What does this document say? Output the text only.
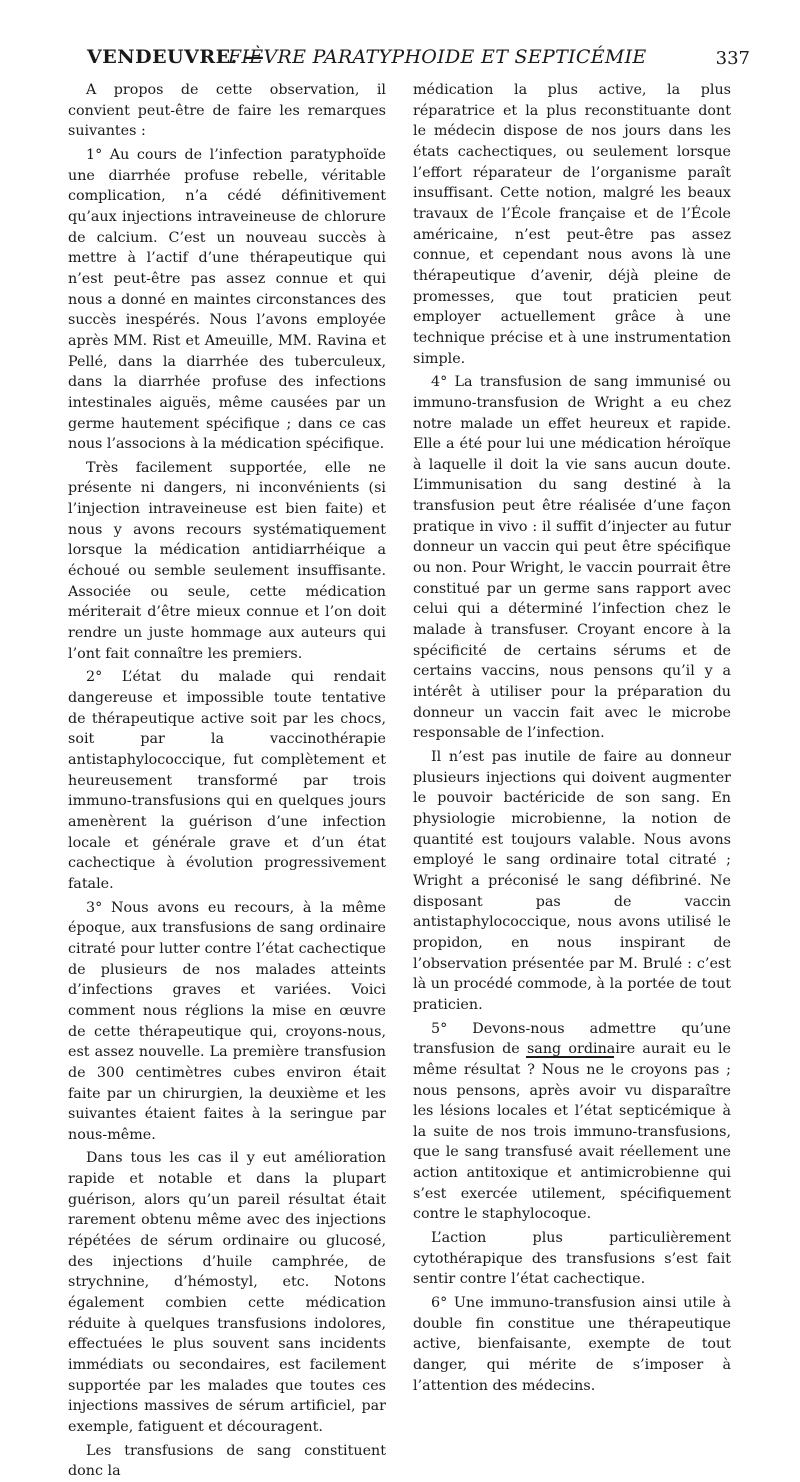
VENDEUVRE. —
FIÈVRE PARATYPHOIDE ET SEPTICÉMIE	337

A propos de cette observation, il convient peut-être de faire les remarques suivantes :

1° Au cours de l’infection paratyphoïde une diarrhée profuse rebelle, véritable complication, n’a cédé définitivement qu’aux injections intraveineuse de chlorure de calcium. C’est un nouveau succès à mettre à l’actif d’une thérapeutique qui n’est peut-être pas assez connue et qui nous a donné en maintes circonstances des succès inespérés. Nous l’avons employée après MM. Rist et Ameuille, MM. Ravina et Pellé, dans la diarrhée des tuberculeux, dans la diarrhée profuse des infections intestinales aiguës, même causées par un germe hautement spécifique ; dans ce cas nous l’associons à la médication spécifique.

Très facilement supportée, elle ne présente ni dangers, ni inconvénients (si l’injection intraveineuse est bien faite) et nous y avons recours systématiquement lorsque la médication antidiarrhéique a échoué ou semble seulement insuffisante. Associée ou seule, cette médication mériterait d’être mieux connue et l’on doit rendre un juste hommage aux auteurs qui l’ont fait connaître les premiers.

2° L’état du malade qui rendait dangereuse et impossible toute tentative de thérapeutique active soit par les chocs, soit par la vaccinothérapie antistaphylococcique, fut complètement et heureusement transformé par trois immuno-transfusions qui en quelques jours amenèrent la guérison d’une infection locale et générale grave et d’un état cachectique à évolution progressivement fatale.

3° Nous avons eu recours, à la même époque, aux transfusions de sang ordinaire citraté pour lutter contre l’état cachectique de plusieurs de nos malades atteints d’infections graves et variées. Voici comment nous réglions la mise en œuvre de cette thérapeutique qui, croyons-nous, est assez nouvelle. La première transfusion de 300 centimètres cubes environ était faite par un chirurgien, la deuxième et les suivantes étaient faites à la seringue par nous-même.

Dans tous les cas il y eut amélioration rapide et notable et dans la plupart guérison, alors qu’un pareil résultat était rarement obtenu même avec des injections répétées de sérum ordinaire ou glucosé, des injections d’huile camphrée, de strychnine, d’hémostyl, etc. Notons également combien cette médication réduite à quelques transfusions indolores, effectuées le plus souvent sans incidents immédiats ou secondaires, est facilement supportée par les malades que toutes ces injections massives de sérum artificiel, par exemple, fatiguent et découragent.

Les transfusions de sang constituent donc la

médication la plus active, la plus réparatrice et la plus reconstituante dont le médecin dispose de nos jours dans les états cachectiques, ou seulement lorsque l’effort réparateur de l’organisme paraît insuffisant. Cette notion, malgré les beaux travaux de l’École française et de l’École américaine, n’est peut-être pas assez connue, et cependant nous avons là une thérapeutique d’avenir, déjà pleine de promesses, que tout praticien peut employer actuellement grâce à une technique précise et à une instrumentation simple.

4° La transfusion de sang immunisé ou immuno-transfusion de Wright a eu chez notre malade un effet heureux et rapide. Elle a été pour lui une médication héroïque à laquelle il doit la vie sans aucun doute. L’immunisation du sang destiné à la transfusion peut être réalisée d’une façon pratique in vivo : il suffit d’injecter au futur donneur un vaccin qui peut être spécifique ou non. Pour Wright, le vaccin pourrait être constitué par un germe sans rapport avec celui qui a déterminé l’infection chez le malade à transfuser. Croyant encore à la spécificité de certains sérums et de certains vaccins, nous pensons qu’il y a intérêt à utiliser pour la préparation du donneur un vaccin fait avec le microbe responsable de l’infection.

Il n’est pas inutile de faire au donneur plusieurs injections qui doivent augmenter le pouvoir bactéricide de son sang. En physiologie microbienne, la notion de quantité est toujours valable. Nous avons employé le sang ordinaire total citraté ; Wright a préconisé le sang défibriné. Ne disposant pas de vaccin antistaphylococcique, nous avons utilisé le propidon, en nous inspirant de l’observation présentée par M. Brulé : c’est là un procédé commode, à la portée de tout praticien.

5° Devons-nous admettre qu’une transfusion de sang ordinaire aurait eu le même résultat ? Nous ne le croyons pas ; nous pensons, après avoir vu disparaître les lésions locales et l’état septicémique à la suite de nos trois immuno-transfusions, que le sang transfusé avait réellement une action antitoxique et antimicrobienne qui s’est exercée utilement, spécifiquement contre le staphylocoque.

L’action plus particulièrement cytothérapique des transfusions s’est fait sentir contre l’état cachectique.

6° Une immuno-transfusion ainsi utile à double fin constitue une thérapeutique active, bienfaisante, exempte de tout danger, qui mérite de s’imposer à l’attention des médecins.
